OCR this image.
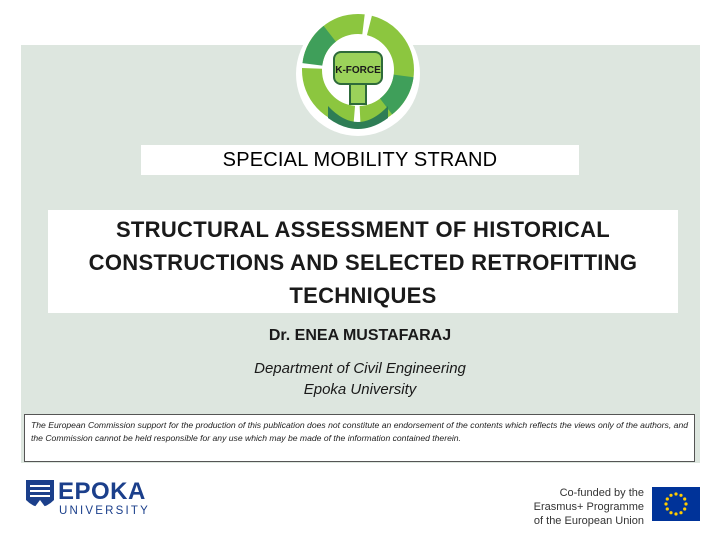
K-FORCE
SPECIAL MOBILITY STRAND
STRUCTURAL ASSESSMENT OF HISTORICAL
CONSTRUCTIONS AND SELECTED RETROFITTING
TECHNIQUES
Dr. ENEA MUSTAFARAJ
Department of Civil Engineering
Epoka University
The European Commission support for the production of this publication does not constitute an endorsement of the contents which reflects the views only of the authors, and the Commission cannot be held responsible for any use which may be made of the information contained therein.
EPOKA
UNIVERSITY
Co-funded by the
Erasmus+ Programme
of the European Union
